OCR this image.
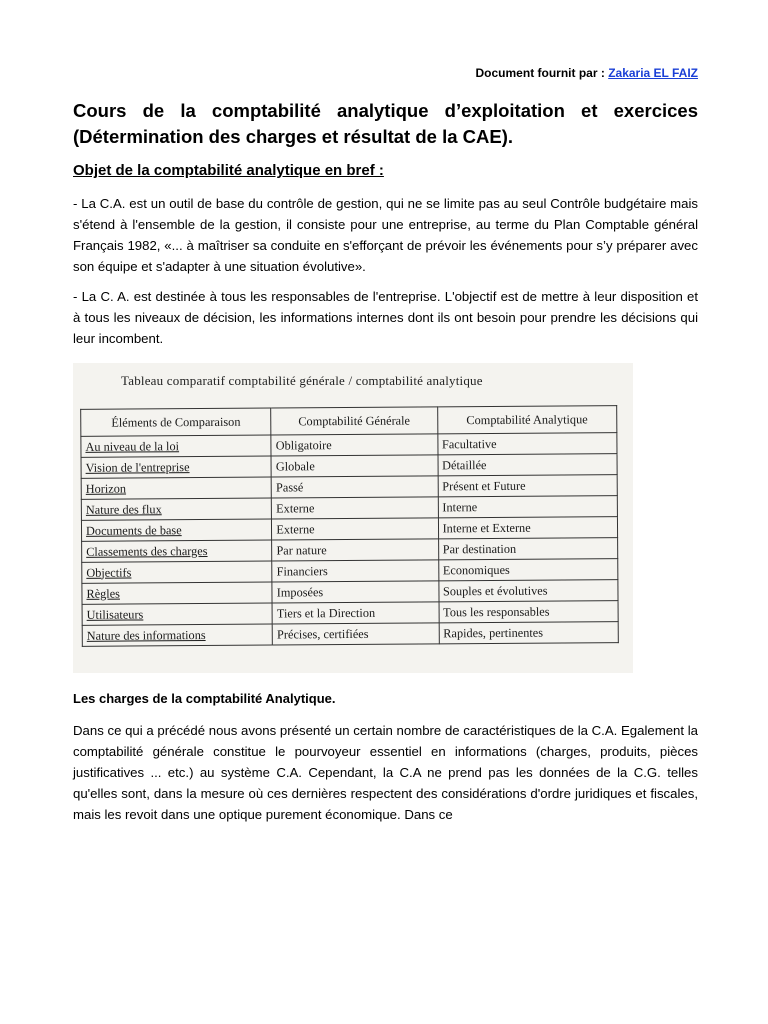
Document fournit par : Zakaria EL FAIZ
Cours de la comptabilité analytique d’exploitation et exercices (Détermination des charges et résultat de la CAE).
Objet de la comptabilité analytique en bref :

- La C.A. est un outil de base du contrôle de gestion, qui ne se limite pas au seul Contrôle budgétaire mais s'étend à l'ensemble de la gestion, il consiste pour une entreprise, au terme du Plan Comptable général Français 1982, «... à maîtriser sa conduite en s'efforçant de prévoir les événements pour s’y préparer avec son équipe et s'adapter à une situation évolutive».

- La C. A. est destinée à tous les responsables de l'entreprise. L'objectif est de mettre à leur disposition et à tous les niveaux de décision, les informations internes dont ils ont besoin pour prendre les décisions qui leur incombent.

Tableau comparatif comptabilité générale / comptabilité analytique
Éléments de Comparaison	Comptabilité Générale	Comptabilité Analytique
Au niveau de la loi	Obligatoire	Facultative
Vision de l'entreprise	Globale	Détaillée
Horizon	Passé	Présent et Future
Nature des flux	Externe	Interne
Documents de base	Externe	Interne et Externe
Classements des charges	Par nature	Par destination
Objectifs	Financiers	Economiques
Règles	Imposées	Souples et évolutives
Utilisateurs	Tiers et la Direction	Tous les responsables
Nature des informations	Précises, certifiées	Rapides, pertinentes
Les charges de la comptabilité Analytique.

Dans ce qui a précédé nous avons présenté un certain nombre de caractéristiques de la C.A. Egalement la comptabilité générale constitue le pourvoyeur essentiel en informations (charges, produits, pièces justificatives ... etc.) au système C.A. Cependant, la C.A ne prend pas les données de la C.G. telles qu'elles sont, dans la mesure où ces dernières respectent des considérations d'ordre juridiques et fiscales, mais les revoit dans une optique purement économique. Dans ce
